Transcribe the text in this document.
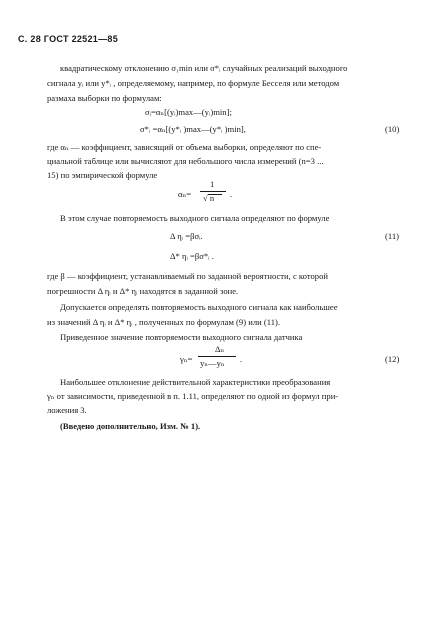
С. 28 ГОСТ 22521—85
квадратическому отклонению σ₁min или σ*ᵢ случайных реализаций выходного
сигнала yᵢ или y*ᵢ , определяемому, например, по формуле Бесселя или методом
размаха выборки по формулам:
σᵢ=αₙ[(yᵢ)max—(yᵢ)min];
σ*ᵢ =αₙ[(y*ᵢ )max—(y*ᵢ )min],	(10)
где αₙ — коэффициент, зависящий от объема выборки, определяют по спе-
циальной таблице или вычисляют для небольшого числа измерений (n=3 ...
15) по эмпирической формуле
αₙ=
1
√ n .
В этом случае повторяемость выходного сигнала определяют по формуле
Δ ηᵢ =βσᵢ.	(11)
Δ* ηᵢ =βσ*ᵢ .
где β — коэффициент, устанавливаемый по заданной вероятности, с которой
погрешности Δ ηᵢ и Δ* ηᵢ находятся в заданной зоне.
Допускается определять повторяемость выходного сигнала как наибольшее
из значений Δ ηᵢ и Δ* ηᵢ , полученных по формулам (9) или (11).
Приведенное значение повторяемости выходного сигнала датчика
γₙ=
Δₙ
yₙ—yₙ .	(12)
Наибольшее отклонение действительной характеристики преобразования
γₙ от зависимости, приведенной в п. 1.11, определяют по одной из формул при-
ложения 3.
(Введено дополнительно, Изм. № 1).
